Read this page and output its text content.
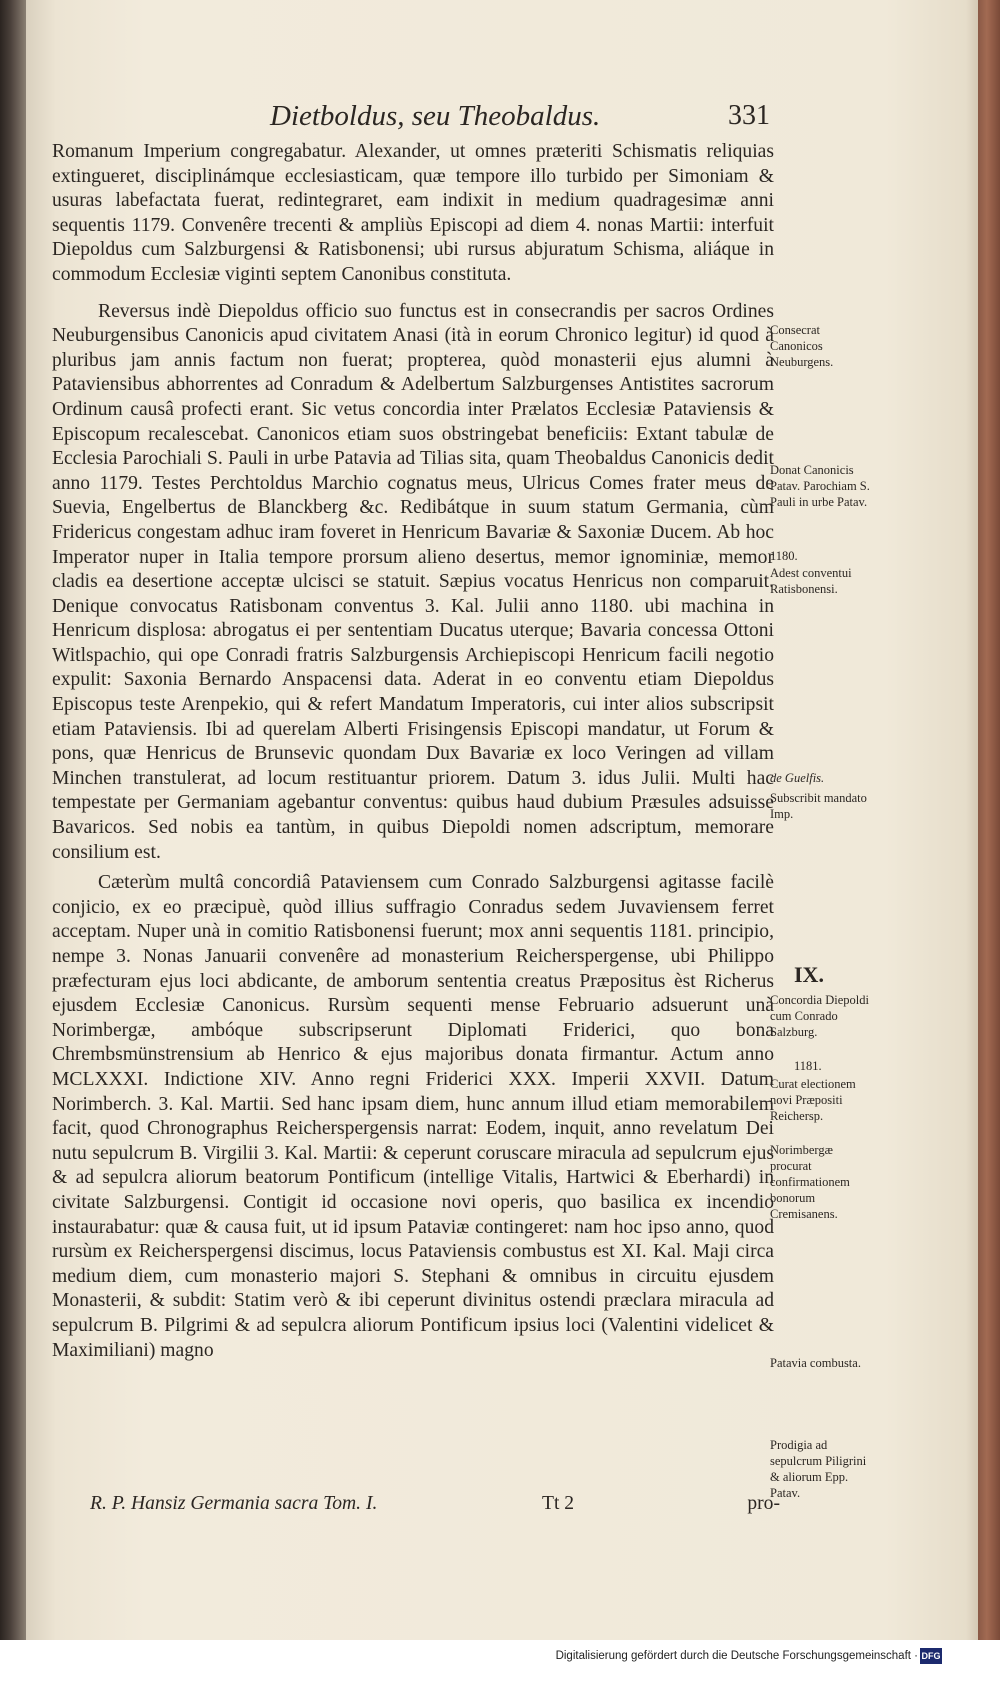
Dietboldus, seu Theobaldus.	331

Romanum Imperium congregabatur. Alexander, ut omnes præteriti Schismatis reliquias extingueret, disciplinámque ecclesiasticam, quæ tempore illo turbido per Simoniam & usuras labefactata fuerat, redintegraret, eam indixit in medium quadragesimæ anni sequentis 1179. Convenêre trecenti & ampliùs Episcopi ad diem 4. nonas Martii: interfuit Diepoldus cum Salzburgensi & Ratisbonensi; ubi rursus abjuratum Schisma, aliáque in commodum Ecclesiæ viginti septem Canonibus constituta.

Reversus indè Diepoldus officio suo functus est in consecrandis per sacros Ordines Neuburgensibus Canonicis apud civitatem Anasi (ità in eorum Chronico legitur) id quod à pluribus jam annis factum non fuerat; propterea, quòd monasterii ejus alumni à Pataviensibus abhorrentes ad Conradum & Adelbertum Salzburgenses Antistites sacrorum Ordinum causâ profecti erant. Sic vetus concordia inter Prælatos Ecclesiæ Pataviensis & Episcopum recalescebat. Canonicos etiam suos obstringebat beneficiis: Extant tabulæ de Ecclesia Parochiali S. Pauli in urbe Patavia ad Tilias sita, quam Theobaldus Canonicis dedit anno 1179. Testes Perchtoldus Marchio cognatus meus, Ulricus Comes frater meus de Suevia, Engelbertus de Blanckberg &c. Redibátque in suum statum Germania, cùm Fridericus congestam adhuc iram foveret in Henricum Bavariæ & Saxoniæ Ducem. Ab hoc Imperator nuper in Italia tempore prorsum alieno desertus, memor ignominiæ, memor cladis ea desertione acceptæ ulcisci se statuit. Sæpius vocatus Henricus non comparuit. Denique convocatus Ratisbonam conventus 3. Kal. Julii anno 1180. ubi machina in Henricum displosa: abrogatus ei per sententiam Ducatus uterque; Bavaria concessa Ottoni Witlspachio, qui ope Conradi fratris Salzburgensis Archiepiscopi Henricum facili negotio expulit: Saxonia Bernardo Anspacensi data. Aderat in eo conventu etiam Diepoldus Episcopus teste Arenpekio, qui & refert Mandatum Imperatoris, cui inter alios subscripsit etiam Pataviensis. Ibi ad querelam Alberti Frisingensis Episcopi mandatur, ut Forum & pons, quæ Henricus de Brunsevic quondam Dux Bavariæ ex loco Veringen ad villam Minchen transtulerat, ad locum restituantur priorem. Datum 3. idus Julii. Multi hac tempestate per Germaniam agebantur conventus: quibus haud dubium Præsules adsuisse Bavaricos. Sed nobis ea tantùm, in quibus Diepoldi nomen adscriptum, memorare consilium est.

Cæterùm multâ concordiâ Pataviensem cum Conrado Salzburgensi agitasse facilè conjicio, ex eo præcipuè, quòd illius suffragio Conradus sedem Juvaviensem ferret acceptam. Nuper unà in comitio Ratisbonensi fuerunt; mox anni sequentis 1181. principio, nempe 3. Nonas Januarii convenêre ad monasterium Reicherspergense, ubi Philippo præfecturam ejus loci abdicante, de amborum sententia creatus Præpositus èst Richerus ejusdem Ecclesiæ Canonicus. Rursùm sequenti mense Februario adsuerunt unà Norimbergæ, ambóque subscripserunt Diplomati Friderici, quo bona Chrembsmünstrensium ab Henrico & ejus majoribus donata firmantur. Actum anno MCLXXXI. Indictione XIV. Anno regni Friderici XXX. Imperii XXVII. Datum Norimberch. 3. Kal. Martii. Sed hanc ipsam diem, hunc annum illud etiam memorabilem facit, quod Chronographus Reicherspergensis narrat: Eodem, inquit, anno revelatum Dei nutu sepulcrum B. Virgilii 3. Kal. Martii: & ceperunt coruscare miracula ad sepulcrum ejus & ad sepulcra aliorum beatorum Pontificum (intellige Vitalis, Hartwici & Eberhardi) in civitate Salzburgensi. Contigit id occasione novi operis, quo basilica ex incendio instaurabatur: quæ & causa fuit, ut id ipsum Pataviæ contingeret: nam hoc ipso anno, quod rursùm ex Reicherspergensi discimus, locus Pataviensis combustus est XI. Kal. Maji circa medium diem, cum monasterio majori S. Stephani & omnibus in circuitu ejusdem Monasterii, & subdit: Statim verò & ibi ceperunt divinitus ostendi præclara miracula ad sepulcrum B. Pilgrimi & ad sepulcra aliorum Pontificum ipsius loci (Valentini videlicet & Maximiliani) magno

R. P. Hansiz Germania sacra Tom. I.	Tt 2	pro-
Consecrat Canonicos Neuburgens.
Donat Canonicis Patav. Parochiam S. Pauli in urbe Patav.
1180.
Adest conventui Ratisbonensi.
de Guelfis.
Subscribit mandato Imp.
IX.
Concordia Diepoldi cum Conrado Salzburg.
1181.
Curat electionem novi Præpositi Reichersp.
Norimbergæ procurat confirmationem bonorum Cremisanens.
Patavia combusta.
Prodigia ad sepulcrum Piligrini & aliorum Epp. Patav.
Digitalisierung gefördert durch die Deutsche Forschungsgemeinschaft · DFG
